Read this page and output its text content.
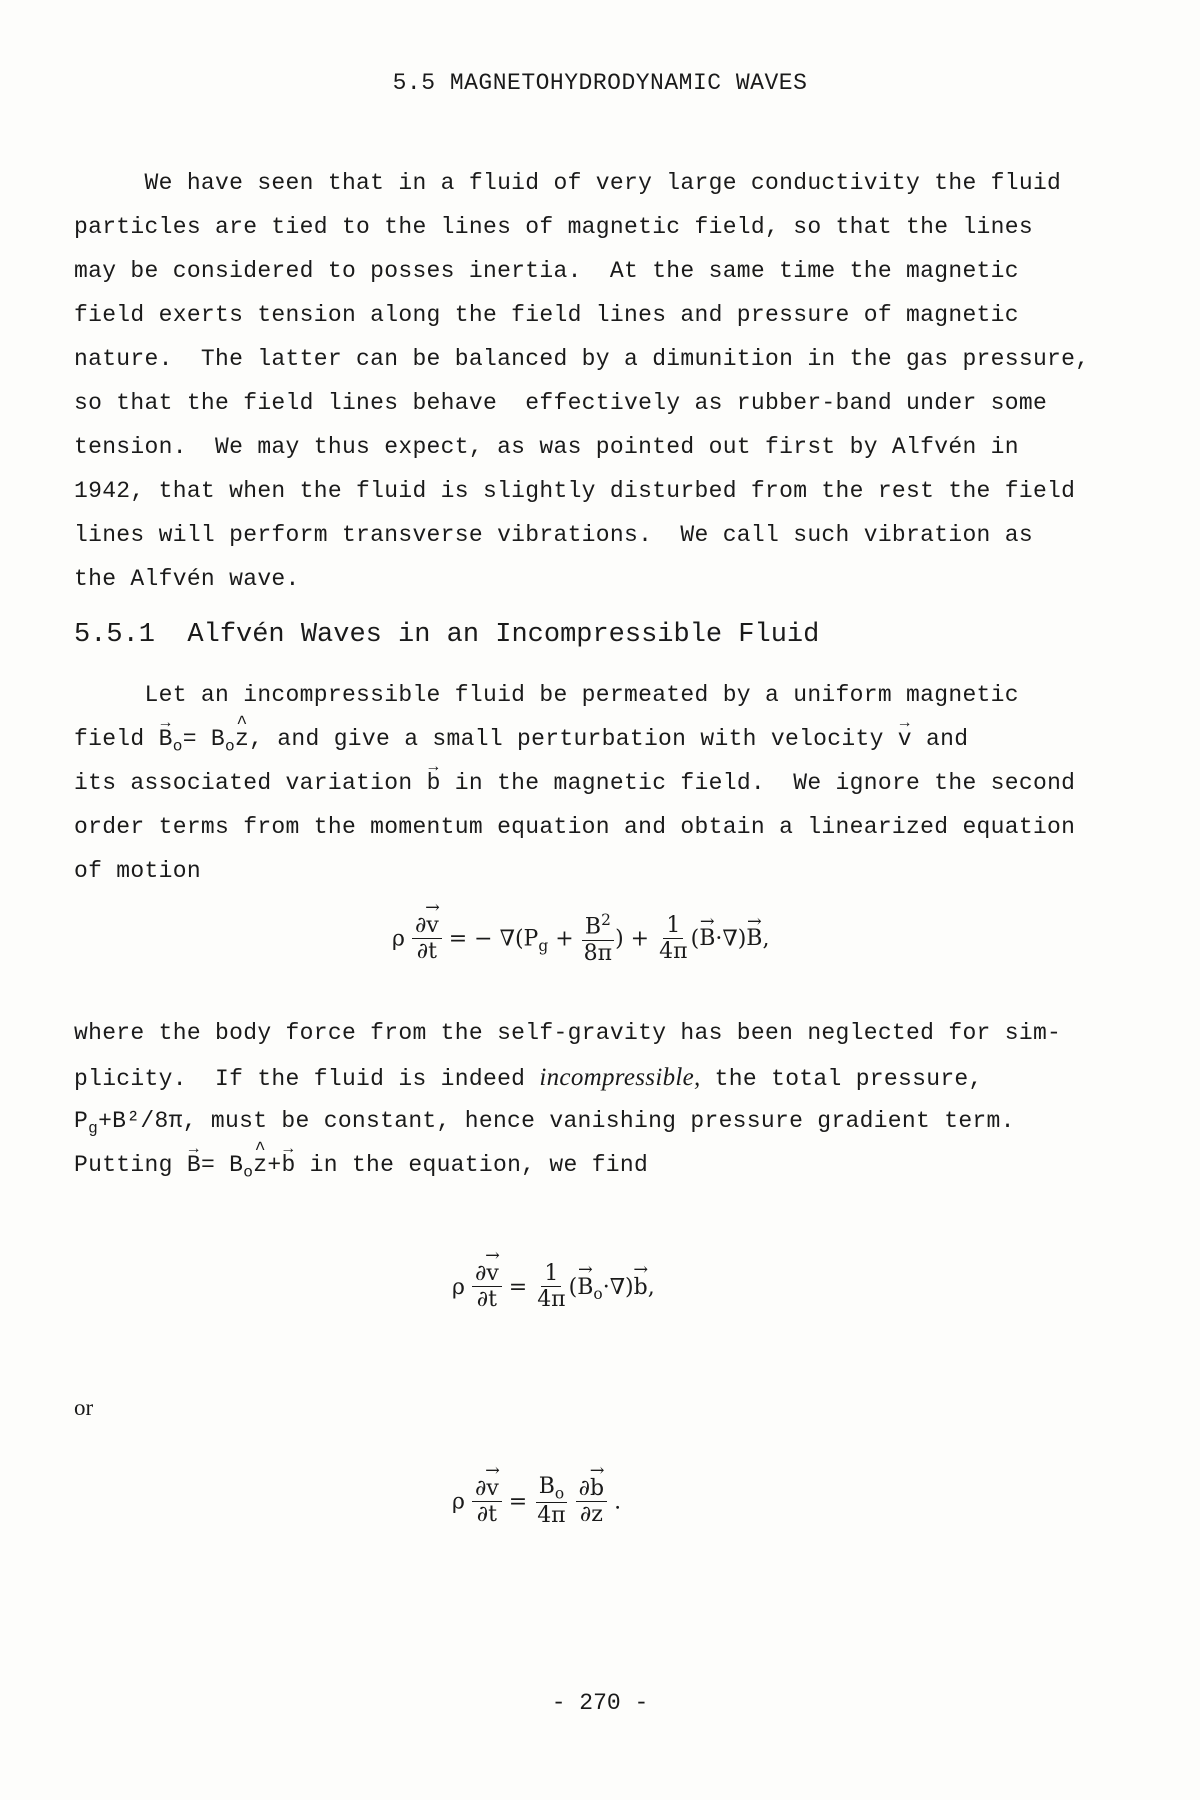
5.5 MAGNETOHYDRODYNAMIC WAVES
We have seen that in a fluid of very large conductivity the fluid
particles are tied to the lines of magnetic field, so that the lines
may be considered to posses inertia.  At the same time the magnetic
field exerts tension along the field lines and pressure of magnetic
nature.  The latter can be balanced by a dimunition in the gas pressure,
so that the field lines behave  effectively as rubber-band under some
tension.  We may thus expect, as was pointed out first by Alfvén in
1942, that when the fluid is slightly disturbed from the rest the field
lines will perform transverse vibrations.  We call such vibration as
the Alfvén wave.
5.5.1  Alfvén Waves in an Incompressible Fluid
Let an incompressible fluid be permeated by a uniform magnetic
field → $B_o=$ $B_o\^{}$ z, and give a small perturbation with velocity → v and
its associated variation → b in the magnetic field.  We ignore the second
order terms from the momentum equation and obtain a linearized equation
of motion
ρ $\frac{\partial\to v}{\partial t}$ = − $\nabla(P_g + \frac{B^2}{8\pi}$ ) + $\frac{1}{4\pi}$ (→ B·∇)→ B,
where the body force from the self-gravity has been neglected for sim-
plicity.  If the fluid is indeed incompressible, the total pressure,
$P_g+B^2/8\pi$, must be constant, hence vanishing pressure gradient term.
Putting → $B= B_o\^{}$ z+→ b in the equation, we find
ρ $\frac{\partial\to v}{\partial t} = \frac{1}{4\pi}$ (→ $B_o\cdot\nabla)\to b$,
or
ρ $\frac{\partial\to v}{\partial t} = \frac{B_o}{4\pi}$
$\frac{\partial\to b}{\partial z}$ .
- 270 -
